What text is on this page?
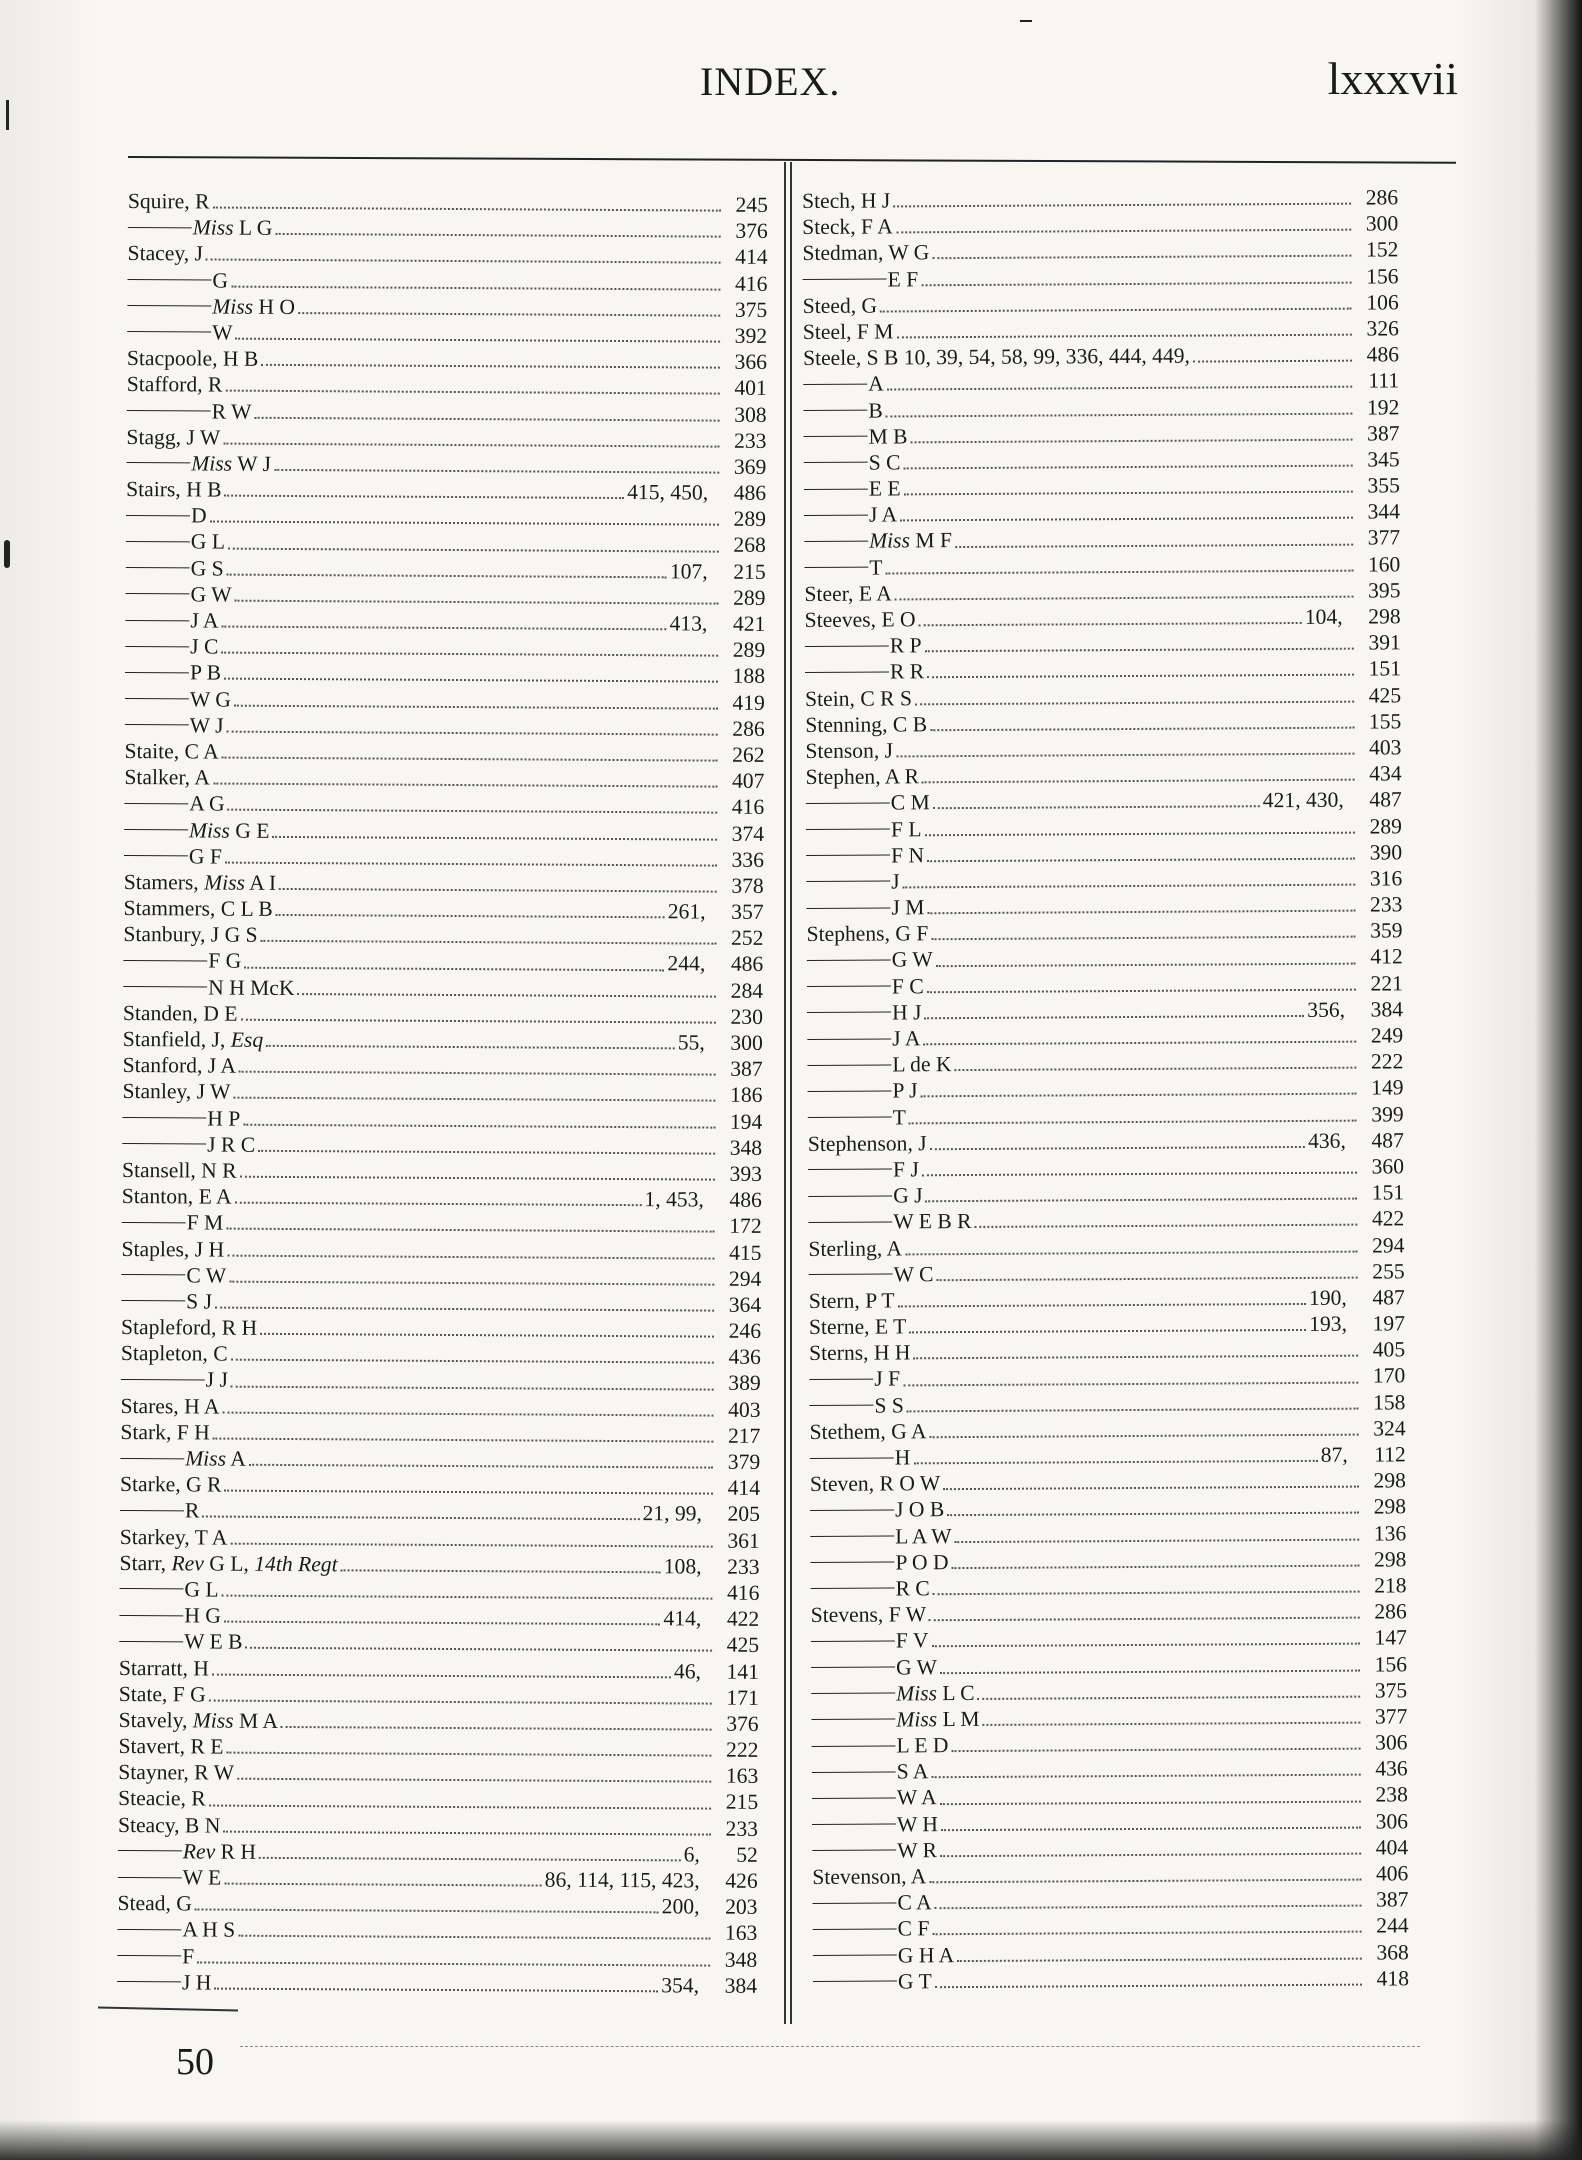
INDEX.	lxxxvii
Squire, R	245
Miss L G	376
Stacey, J	414
G	416
Miss H O	375
W	392
Stacpoole, H B	366
Stafford, R	401
R W	308
Stagg, J W	233
Miss W J	369
Stairs, H B	415, 450,	486
D	289
G L	268
G S	107,	215
G W	289
J A	413,	421
J C	289
P B	188
W G	419
W J	286
Staite, C A	262
Stalker, A	407
A G	416
Miss G E	374
G F	336
Stamers, Miss A I	378
Stammers, C L B	261,	357
Stanbury, J G S	252
F G	244,	486
N H McK	284
Standen, D E	230
Stanfield, J, Esq	55,	300
Stanford, J A	387
Stanley, J W	186
H P	194
J R C	348
Stansell, N R	393
Stanton, E A	1, 453,	486
F M	172
Staples, J H	415
C W	294
S J	364
Stapleford, R H	246
Stapleton, C	436
J J	389
Stares, H A	403
Stark, F H	217
Miss A	379
Starke, G R	414
R	21, 99,	205
Starkey, T A	361
Starr, Rev G L, 14th Regt	108,	233
G L	416
H G	414,	422
W E B	425
Starratt, H	46,	141
State, F G	171
Stavely, Miss M A	376
Stavert, R E	222
Stayner, R W	163
Steacie, R	215
Steacy, B N	233
Rev R H	6,	52
W E	86, 114, 115, 423,	426
Stead, G	200,	203
A H S	163
F	348
J H	354,	384
Stech, H J	286
Steck, F A	300
Stedman, W G	152
E F	156
Steed, G	106
Steel, F M	326
Steele, S B 10, 39, 54, 58, 99, 336, 444, 449,	486
A	111
B	192
M B	387
S C	345
E E	355
J A	344
Miss M F	377
T	160
Steer, E A	395
Steeves, E O	104,	298
R P	391
R R	151
Stein, C R S	425
Stenning, C B	155
Stenson, J	403
Stephen, A R	434
C M	421, 430,	487
F L	289
F N	390
J	316
J M	233
Stephens, G F	359
G W	412
F C	221
H J	356,	384
J A	249
L de K	222
P J	149
T	399
Stephenson, J	436,	487
F J	360
G J	151
W E B R	422
Sterling, A	294
W C	255
Stern, P T	190,	487
Sterne, E T	193,	197
Sterns, H H	405
J F	170
S S	158
Stethem, G A	324
H	87,	112
Steven, R O W	298
J O B	298
L A W	136
P O D	298
R C	218
Stevens, F W	286
F V	147
G W	156
Miss L C	375
Miss L M	377
L E D	306
S A	436
W A	238
W H	306
W R	404
Stevenson, A	406
C A	387
C F	244
G H A	368
G T	418
50
